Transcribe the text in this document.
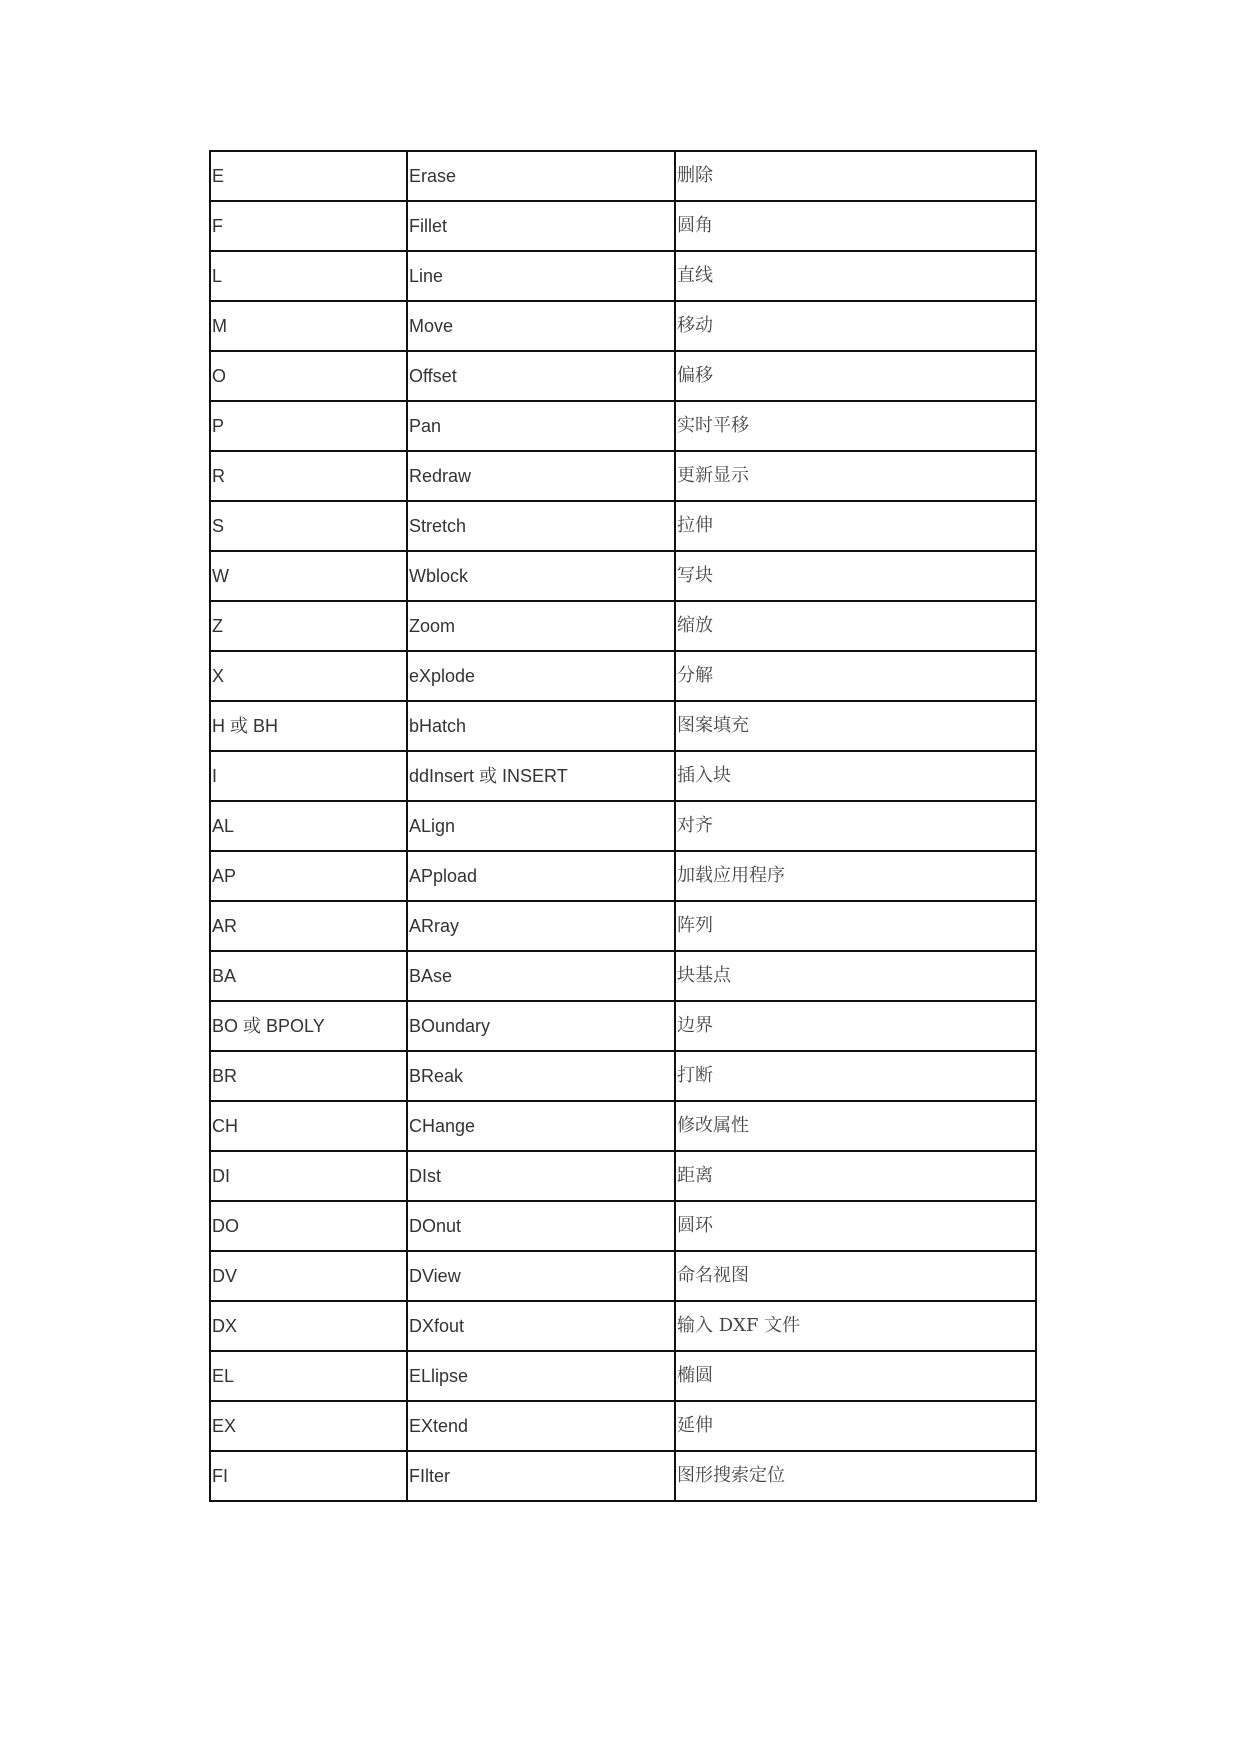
E	Erase	删除
F	Fillet	圆角
L	Line	直线
M	Move	移动
O	Offset	偏移
P	Pan	实时平移
R	Redraw	更新显示
S	Stretch	拉伸
W	Wblock	写块
Z	Zoom	缩放
X	eXplode	分解
H 或 BH	bHatch	图案填充
I	ddInsert 或 INSERT	插入块
AL	ALign	对齐
AP	APpload	加载应用程序
AR	ARray	阵列
BA	BAse	块基点
BO 或 BPOLY	BOundary	边界
BR	BReak	打断
CH	CHange	修改属性
DI	DIst	距离
DO	DOnut	圆环
DV	DView	命名视图
DX	DXfout	输入 DXF 文件
EL	ELlipse	椭圆
EX	EXtend	延伸
FI	FIlter	图形搜索定位
